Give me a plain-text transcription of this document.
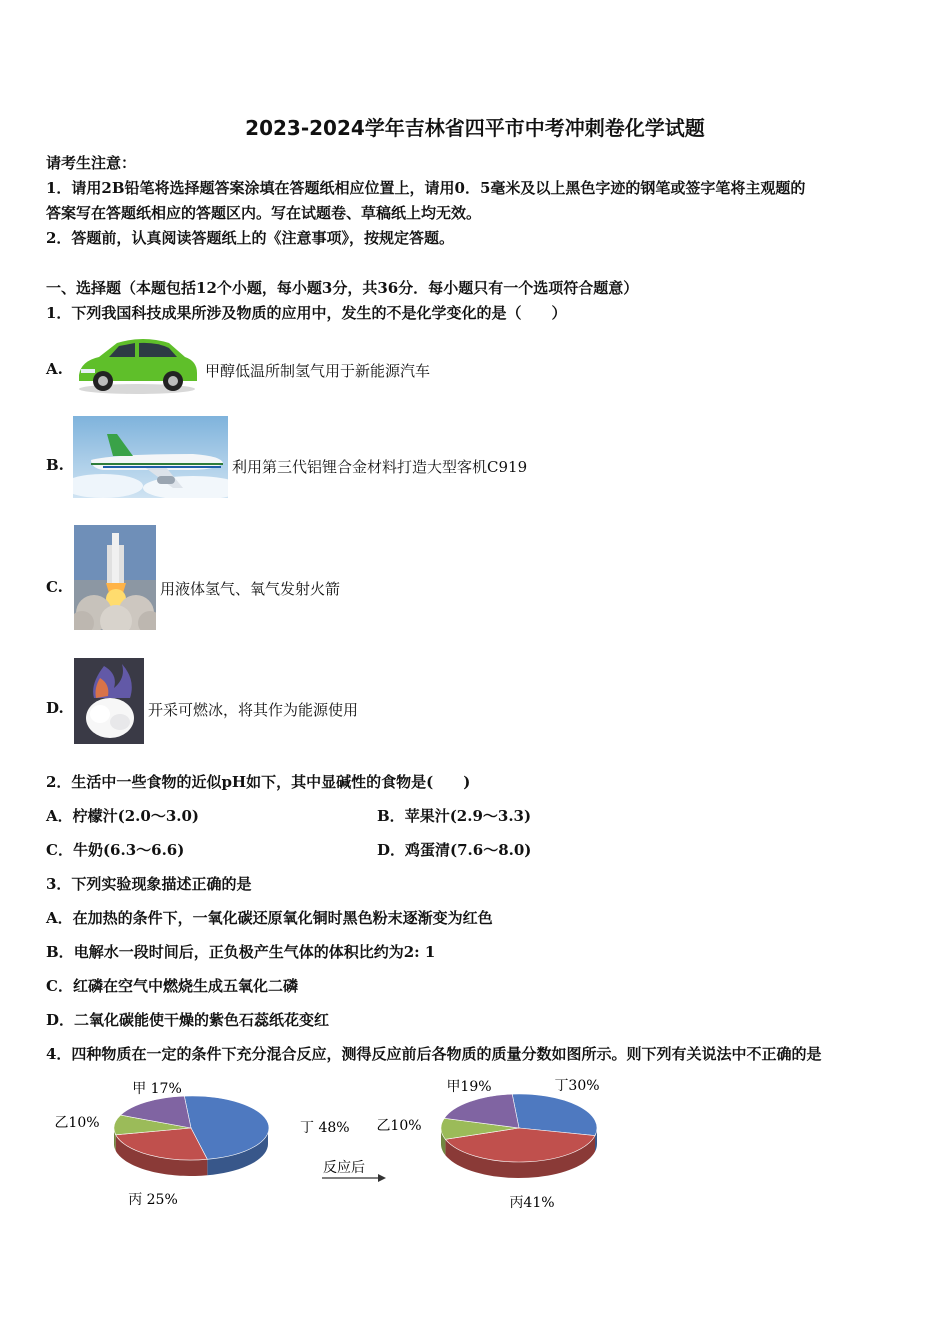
2023-2024学年吉林省四平市中考冲刺卷化学试题
请考生注意：
1．请用2B铅笔将选择题答案涂填在答题纸相应位置上，请用0．5毫米及以上黑色字迹的钢笔或签字笔将主观题的
答案写在答题纸相应的答题区内。写在试题卷、草稿纸上均无效。
2．答题前，认真阅读答题纸上的《注意事项》，按规定答题。
一、选择题（本题包括12个小题，每小题3分，共36分．每小题只有一个选项符合题意）
1．下列我国科技成果所涉及物质的应用中，发生的不是化学变化的是（　　）
A.	甲醇低温所制氢气用于新能源汽车
B.	利用第三代铝锂合金材料打造大型客机C919
C.	用液体氢气、氧气发射火箭
D.	开采可燃冰，将其作为能源使用
2．生活中一些食物的近似pH如下，其中显碱性的食物是(　　)
A．柠檬汁(2.0～3.0)	B．苹果汁(2.9～3.3)
C．牛奶(6.3～6.6)	D．鸡蛋清(7.6～8.0)
3．下列实验现象描述正确的是
A．在加热的条件下，一氧化碳还原氧化铜时黑色粉末逐渐变为红色
B．电解水一段时间后，正负极产生气体的体积比约为2: 1
C．红磷在空气中燃烧生成五氧化二磷
D．二氧化碳能使干燥的紫色石蕊纸花变红
4．四种物质在一定的条件下充分混合反应，测得反应前后各物质的质量分数如图所示。则下列有关说法中不正确的是
丁 48%
丙 25%
乙10%
甲 17%	丁30%
丙41%
乙10%
甲19%
反应后
